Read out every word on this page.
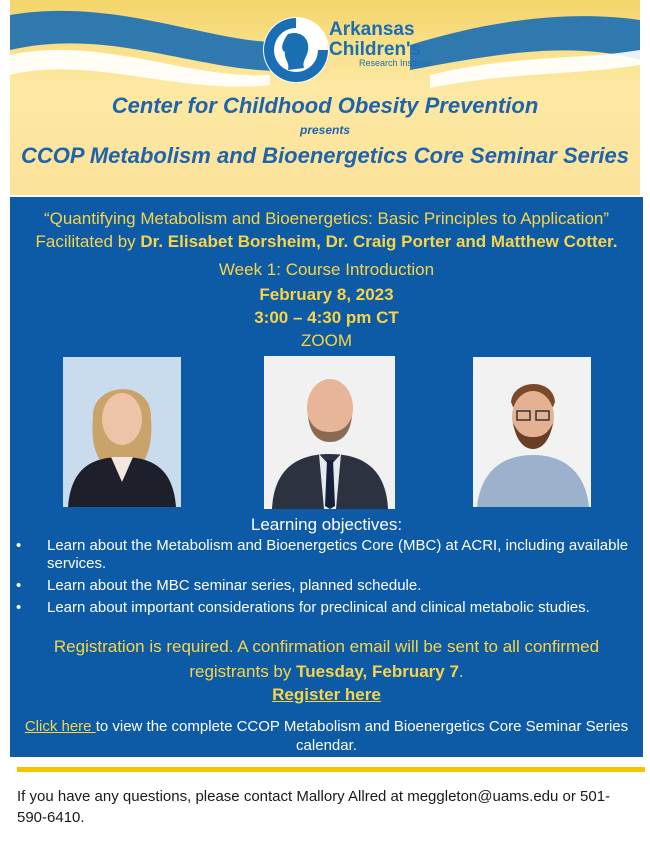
Arkansas
Children's
Research Institute
Center for Childhood Obesity Prevention
presents
CCOP Metabolism and Bioenergetics Core Seminar Series
“Quantifying Metabolism and Bioenergetics: Basic Principles to Application”
Facilitated by Dr. Elisabet Borsheim, Dr. Craig Porter and Matthew Cotter.
Week 1: Course Introduction
February 8, 2023
3:00 – 4:30 pm CT
ZOOM
Learning objectives:
• Learn about the Metabolism and Bioenergetics Core (MBC) at ACRI, including available services.
• Learn about the MBC seminar series, planned schedule.
• Learn about important considerations for preclinical and clinical metabolic studies.
Registration is required. A confirmation email will be sent to all confirmed
registrants by Tuesday, February 7.
Register here
Click here to view the complete CCOP Metabolism and Bioenergetics Core Seminar Series
calendar.
If you have any questions, please contact Mallory Allred at meggleton@uams.edu or 501-590-6410.
